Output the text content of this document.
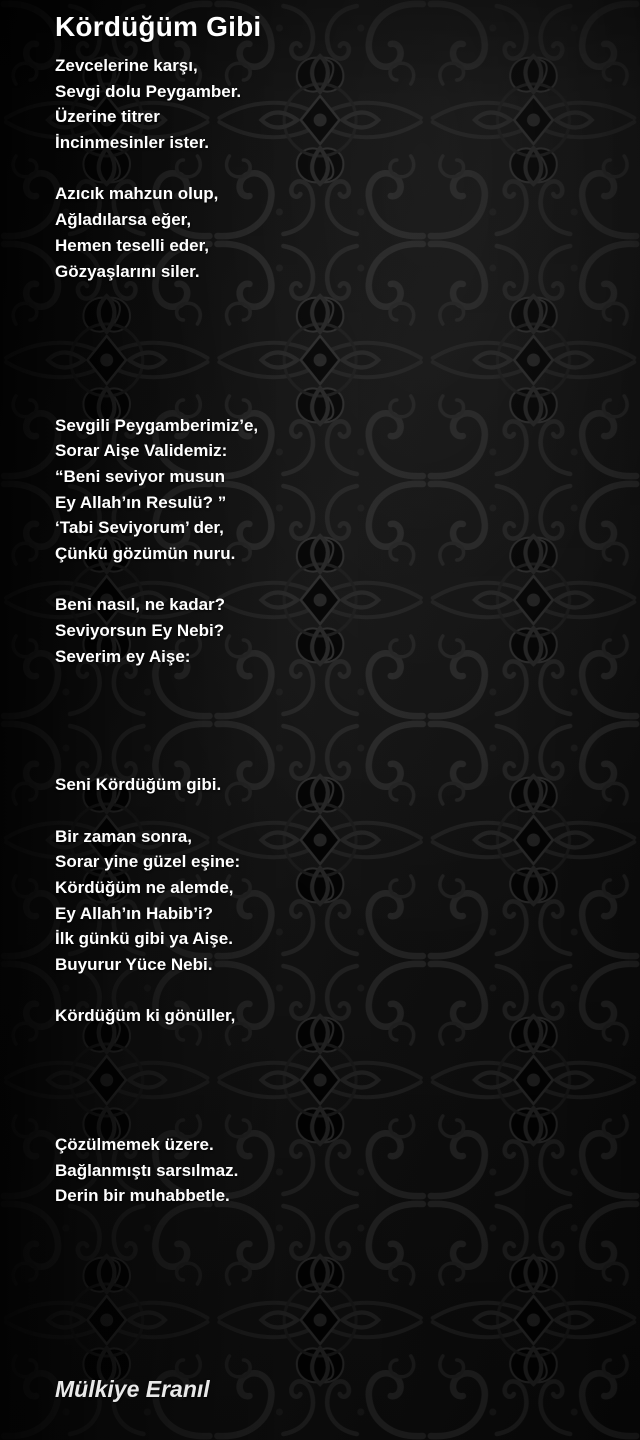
Kördüğüm Gibi
Zevcelerine karşı,
Sevgi dolu Peygamber.
Üzerine titrer
İncinmesinler ister.

Azıcık mahzun olup,
Ağladılarsa eğer,
Hemen teselli eder,
Gözyaşlarını siler.

Sevgili Peygamberimiz’e,
Sorar Aişe Validemiz:
“Beni seviyor musun
Ey Allah’ın Resulü? ”
‘Tabi Seviyorum’ der,
Çünkü gözümün nuru.

Beni nasıl, ne kadar?
Seviyorsun Ey Nebi?
Severim ey Aişe:

Seni Kördüğüm gibi.

Bir zaman sonra,
Sorar yine güzel eşine:
Kördüğüm ne alemde,
Ey Allah’ın Habib’i?
İlk günkü gibi ya Aişe.
Buyurur Yüce Nebi.

Kördüğüm ki gönüller,

Çözülmemek üzere.
Bağlanmıştı sarsılmaz.
Derin bir muhabbetle.
Mülkiye Eranıl
